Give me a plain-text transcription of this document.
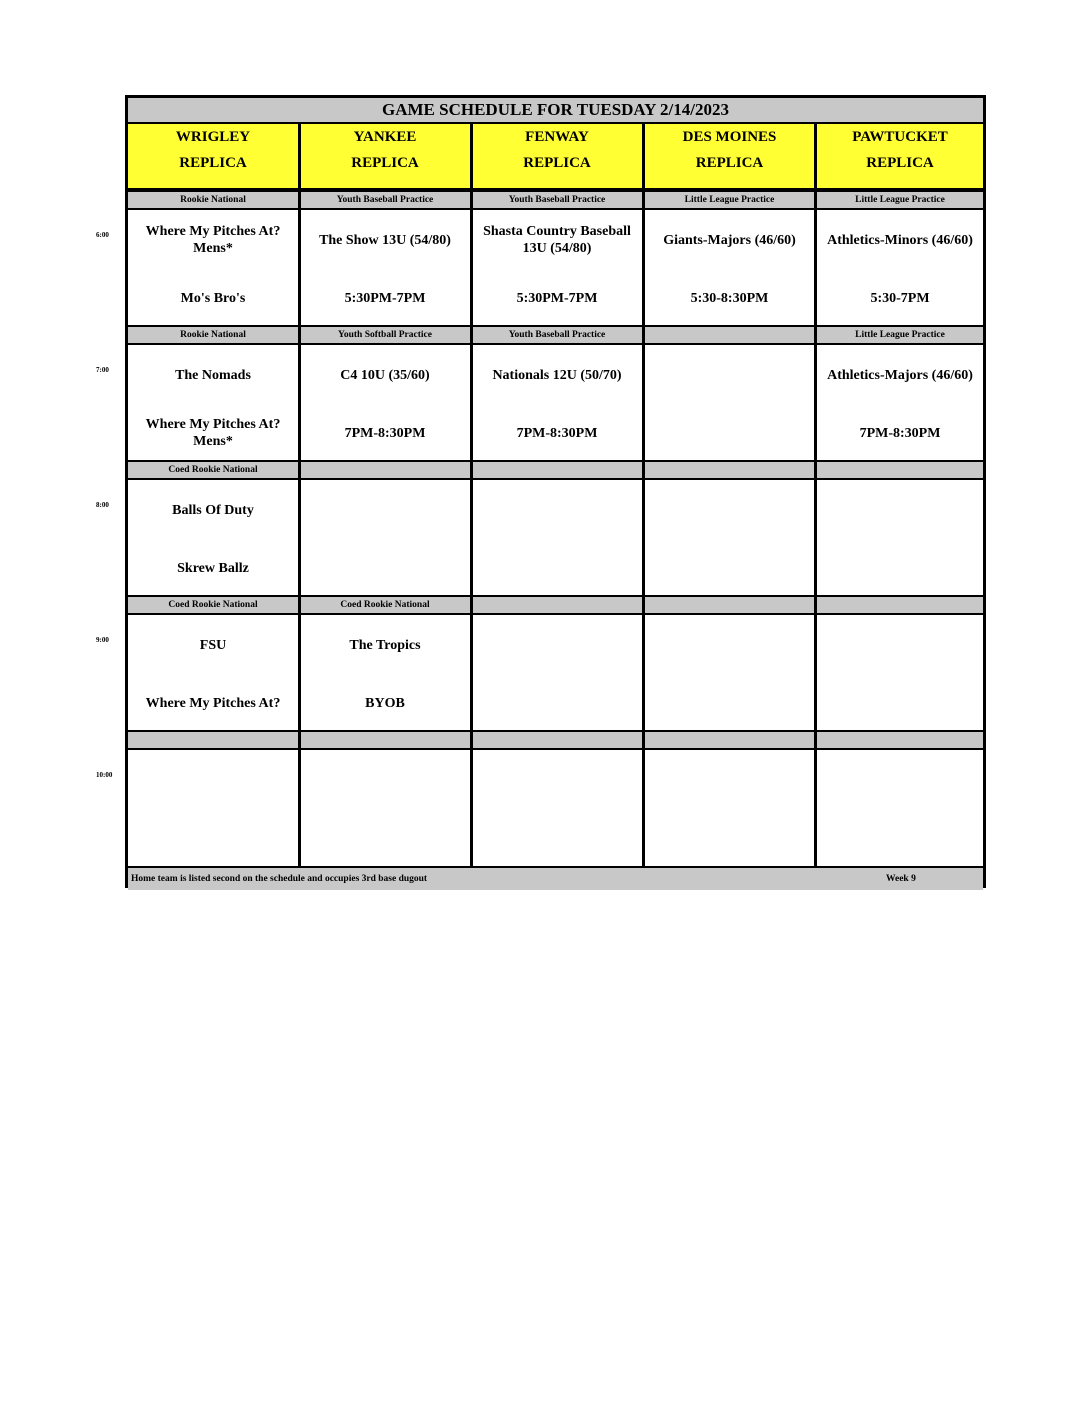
GAME SCHEDULE FOR TUESDAY 2/14/2023
WRIGLEY
REPLICA
YANKEE
REPLICA
FENWAY
REPLICA
DES MOINES
REPLICA
PAWTUCKET
REPLICA
Rookie National
Where My Pitches At? Mens*
Mo's Bro's
Youth Baseball Practice
The Show 13U (54/80)
5:30PM-7PM
Youth Baseball Practice
Shasta Country Baseball 13U (54/80)
5:30PM-7PM
Little League Practice
Giants-Majors (46/60)
5:30-8:30PM
Little League Practice
Athletics-Minors (46/60)
5:30-7PM
Rookie National
The Nomads
Where My Pitches At? Mens*
Youth Softball Practice
C4 10U (35/60)
7PM-8:30PM
Youth Baseball Practice
Nationals 12U (50/70)
7PM-8:30PM
Little League Practice
Athletics-Majors (46/60)
7PM-8:30PM
Coed Rookie National
Balls Of Duty
Skrew Ballz
Coed Rookie National
FSU
Where My Pitches At?
Coed Rookie National
The Tropics
BYOB
Home team is listed second on the schedule and occupies 3rd base dugout	Week 9
6:00
7:00
8:00
9:00
10:00
